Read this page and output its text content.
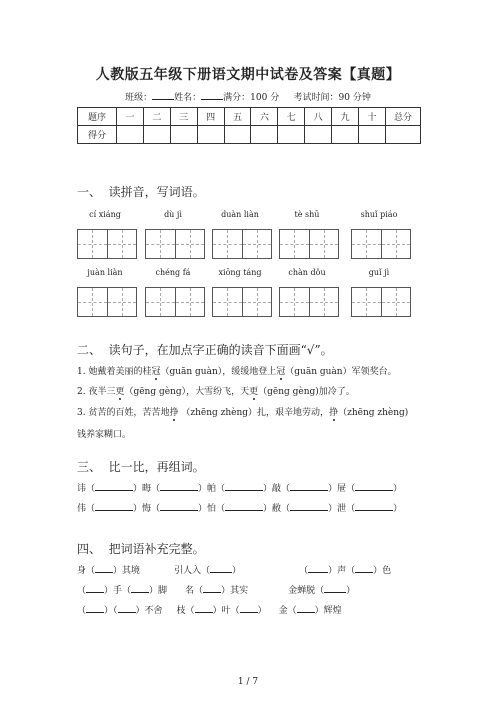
人教版五年级下册语文期中试卷及答案【真题】
班级： 姓名： 满分：100 分 考试时间：90 分钟
题序	一	二	三	四	五	六	七	八	九	十	总分
得分											
一、 读拼音，写词语。
cí xiáng	dù jì	duàn liàn	tè shū	shuǐ piáo
juàn liàn	chéng fá	xiōng táng	chàn dǒu	guǐ jì
二、 读句子，在加点字正确的读音下面画“√”。
1. 她戴着美丽的桂冠（guān guàn），缓缓地登上冠（guān guàn）军领奖台。
2. 夜半三更（gēng gèng），大雪纷飞，天更（gēng gèng)加冷了。
3. 贫苦的百姓，苦苦地挣 （zhēng zhèng）扎，艰辛地劳动，挣（zhēng zhèng)
钱养家糊口。
三、 比一比，再组词。
讳（	）晦（	）帕（	）敲（	）屉（	）
伟（	）悔（	）怕（	）敝（	）泄（	）
四、 把词语补充完整。
身（ ）其境	引人入（ ）	（ ）声（ ）色
（ ）手（ ）脚 名（ ）其实	金蝉脱（ ）
（ ）（ ）不舍 枝（ ）叶（ ） 金（ ）辉煌
1 / 7
